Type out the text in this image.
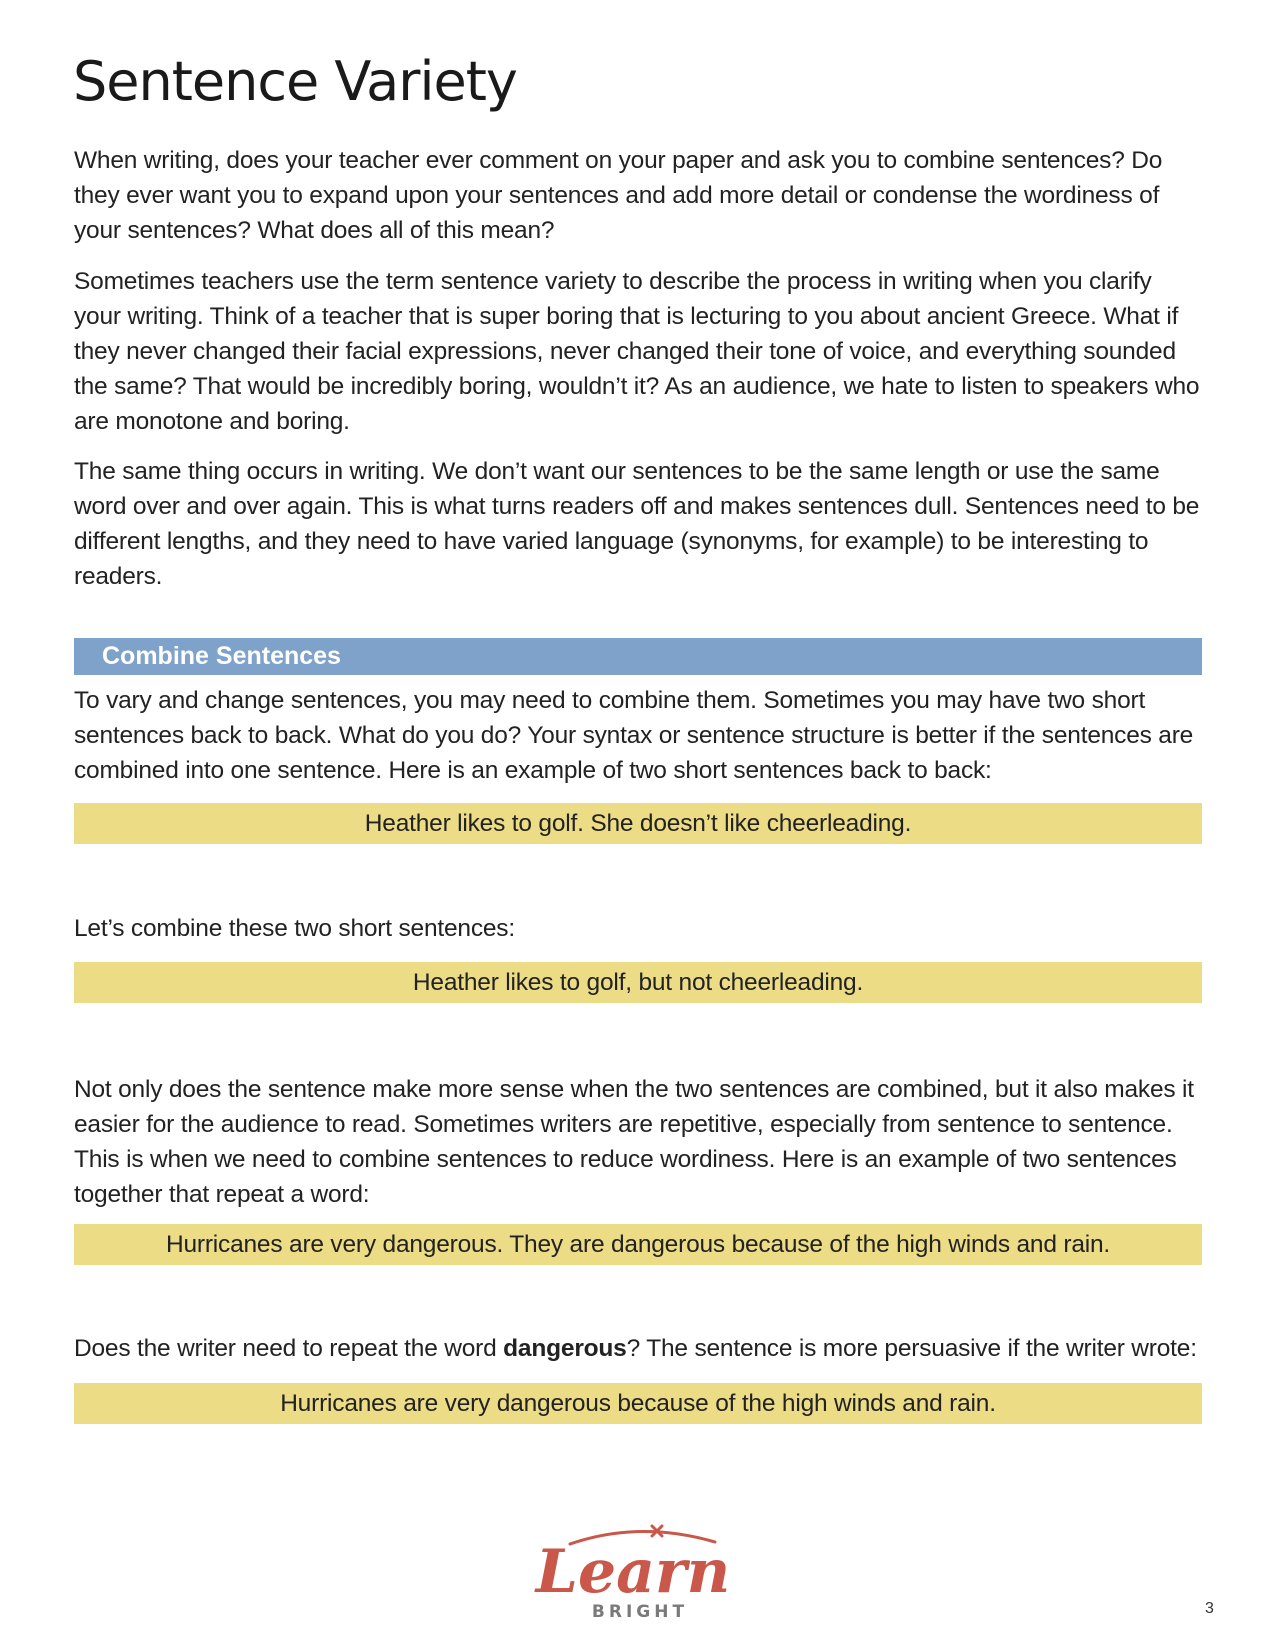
Sentence Variety

When writing, does your teacher ever comment on your paper and ask you to combine sentences? Do they ever want you to expand upon your sentences and add more detail or condense the wordiness of your sentences? What does all of this mean?

Sometimes teachers use the term sentence variety to describe the process in writing when you clarify your writing. Think of a teacher that is super boring that is lecturing to you about ancient Greece. What if they never changed their facial expressions, never changed their tone of voice, and everything sounded the same? That would be incredibly boring, wouldn’t it? As an audience, we hate to listen to speakers who are monotone and boring.

The same thing occurs in writing. We don’t want our sentences to be the same length or use the same word over and over again. This is what turns readers off and makes sentences dull. Sentences need to be different lengths, and they need to have varied language (synonyms, for example) to be interesting to readers.

Combine Sentences

To vary and change sentences, you may need to combine them. Sometimes you may have two short sentences back to back. What do you do? Your syntax or sentence structure is better if the sentences are combined into one sentence. Here is an example of two short sentences back to back:

Heather likes to golf. She doesn’t like cheerleading.

Let’s combine these two short sentences:

Heather likes to golf, but not cheerleading.

Not only does the sentence make more sense when the two sentences are combined, but it also makes it easier for the audience to read. Sometimes writers are repetitive, especially from sentence to sentence. This is when we need to combine sentences to reduce wordiness. Here is an example of two sentences together that repeat a word:

Hurricanes are very dangerous. They are dangerous because of the high winds and rain.

Does the writer need to repeat the word dangerous? The sentence is more persuasive if the writer wrote:

Hurricanes are very dangerous because of the high winds and rain.
Learn
BRIGHT	3
